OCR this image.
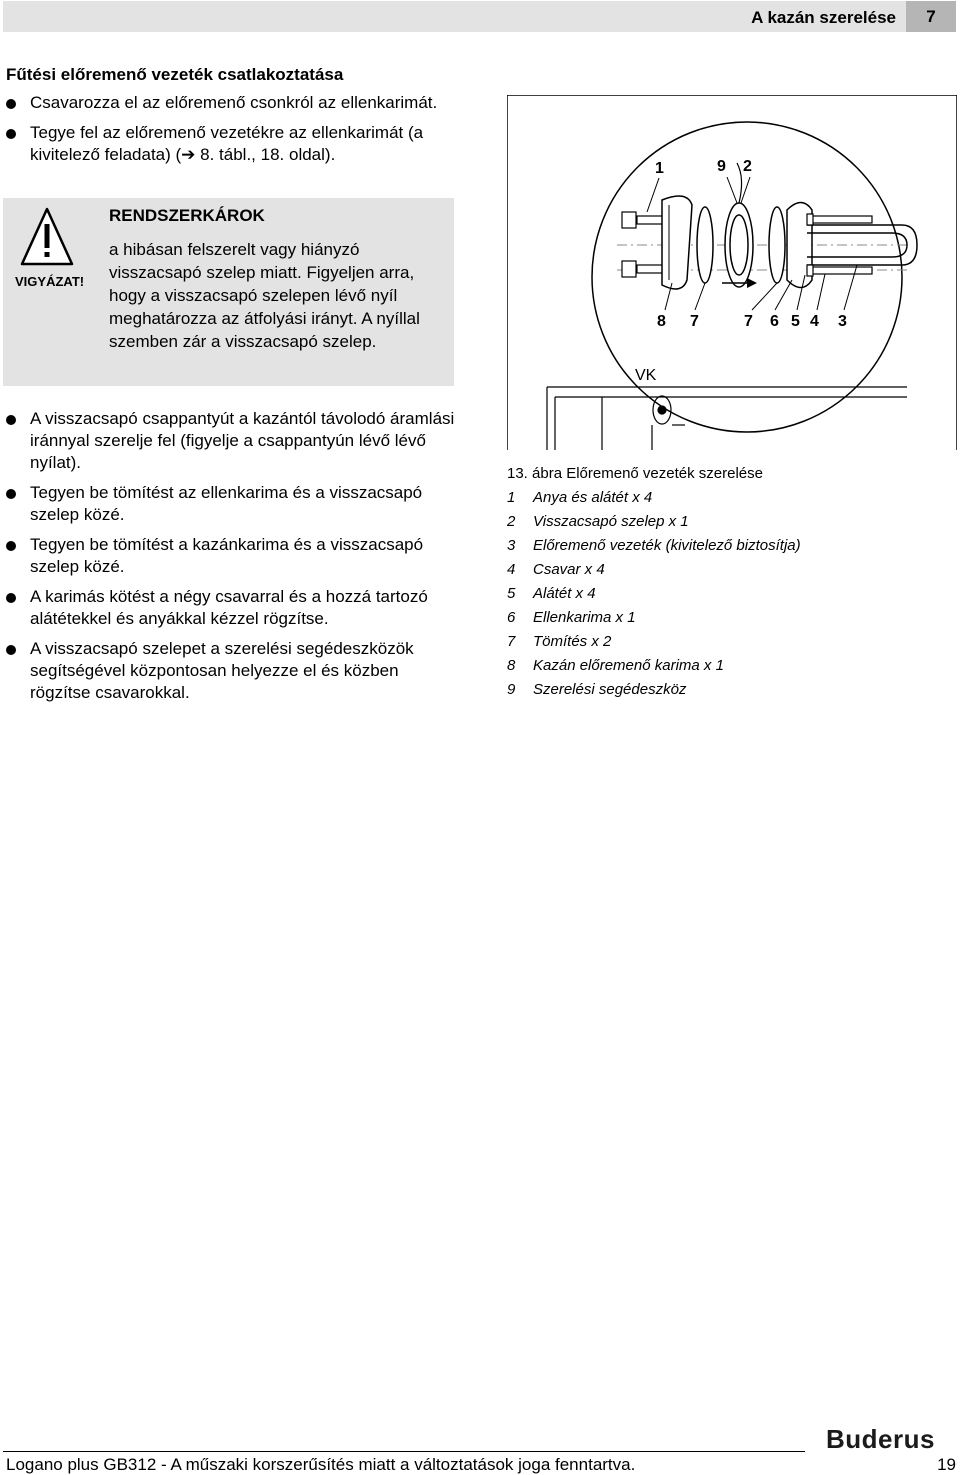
A kazán szerelése	7
Fűtési előremenő vezeték csatlakoztatása
Csavarozza el az előremenő csonkról az ellenkarimát.
Tegye fel az előremenő vezetékre az ellenkarimát (a kivitelező feladata) (➔ 8. tábl., 18. oldal).
VIGYÁZAT!
RENDSZERKÁROK
a hibásan felszerelt vagy hiányzó visszacsapó szelep miatt. Figyeljen arra, hogy a visszacsapó szelepen lévő nyíl meghatározza az átfolyási irányt. A nyíllal szemben zár a visszacsapó szelep.
A visszacsapó csappantyút a kazántól távolodó áramlási iránnyal szerelje fel (figyelje a csappantyún lévő lévő nyílat).
Tegyen be tömítést az ellenkarima és a visszacsapó szelep közé.
Tegyen be tömítést a kazánkarima és a visszacsapó szelep közé.
A karimás kötést a négy csavarral és a hozzá tartozó alátétekkel és anyákkal kézzel rögzítse.
A visszacsapó szelepet a szerelési segédeszközök segítségével központosan helyezze el és közben rögzítse csavarokkal.
1	9 2
8 7	7 6 5 4 3
VK
13. ábra Előremenő vezeték szerelése
1 Anya és alátét x 4
2 Visszacsapó szelep x 1
3 Előremenő vezeték (kivitelező biztosítja)
4 Csavar x 4
5 Alátét x 4
6 Ellenkarima x 1
7 Tömítés x 2
8 Kazán előremenő karima x 1
9 Szerelési segédeszköz
Buderus
Logano plus GB312 - A műszaki korszerűsítés miatt a változtatások joga fenntartva.	19
